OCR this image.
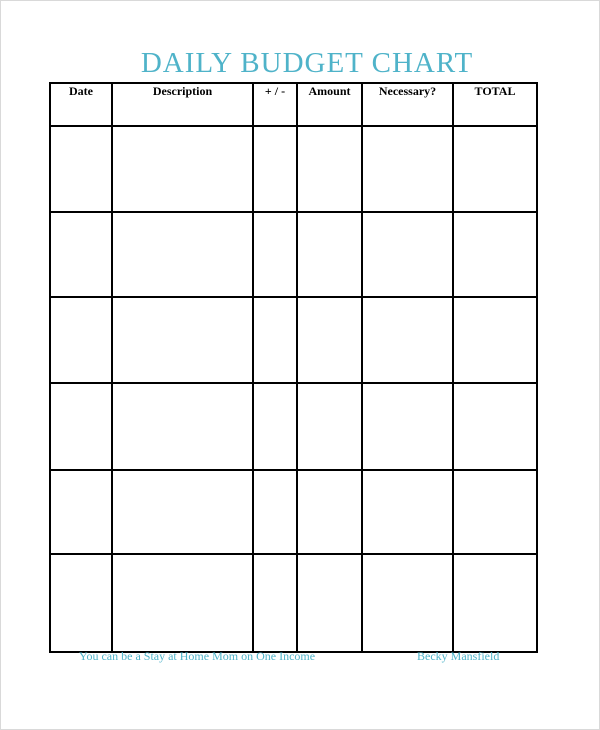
DAILY BUDGET CHART
Date	Description	+ / -	Amount	Necessary?	TOTAL

You can be a Stay at Home Mom on One Income	Becky Mansfield
